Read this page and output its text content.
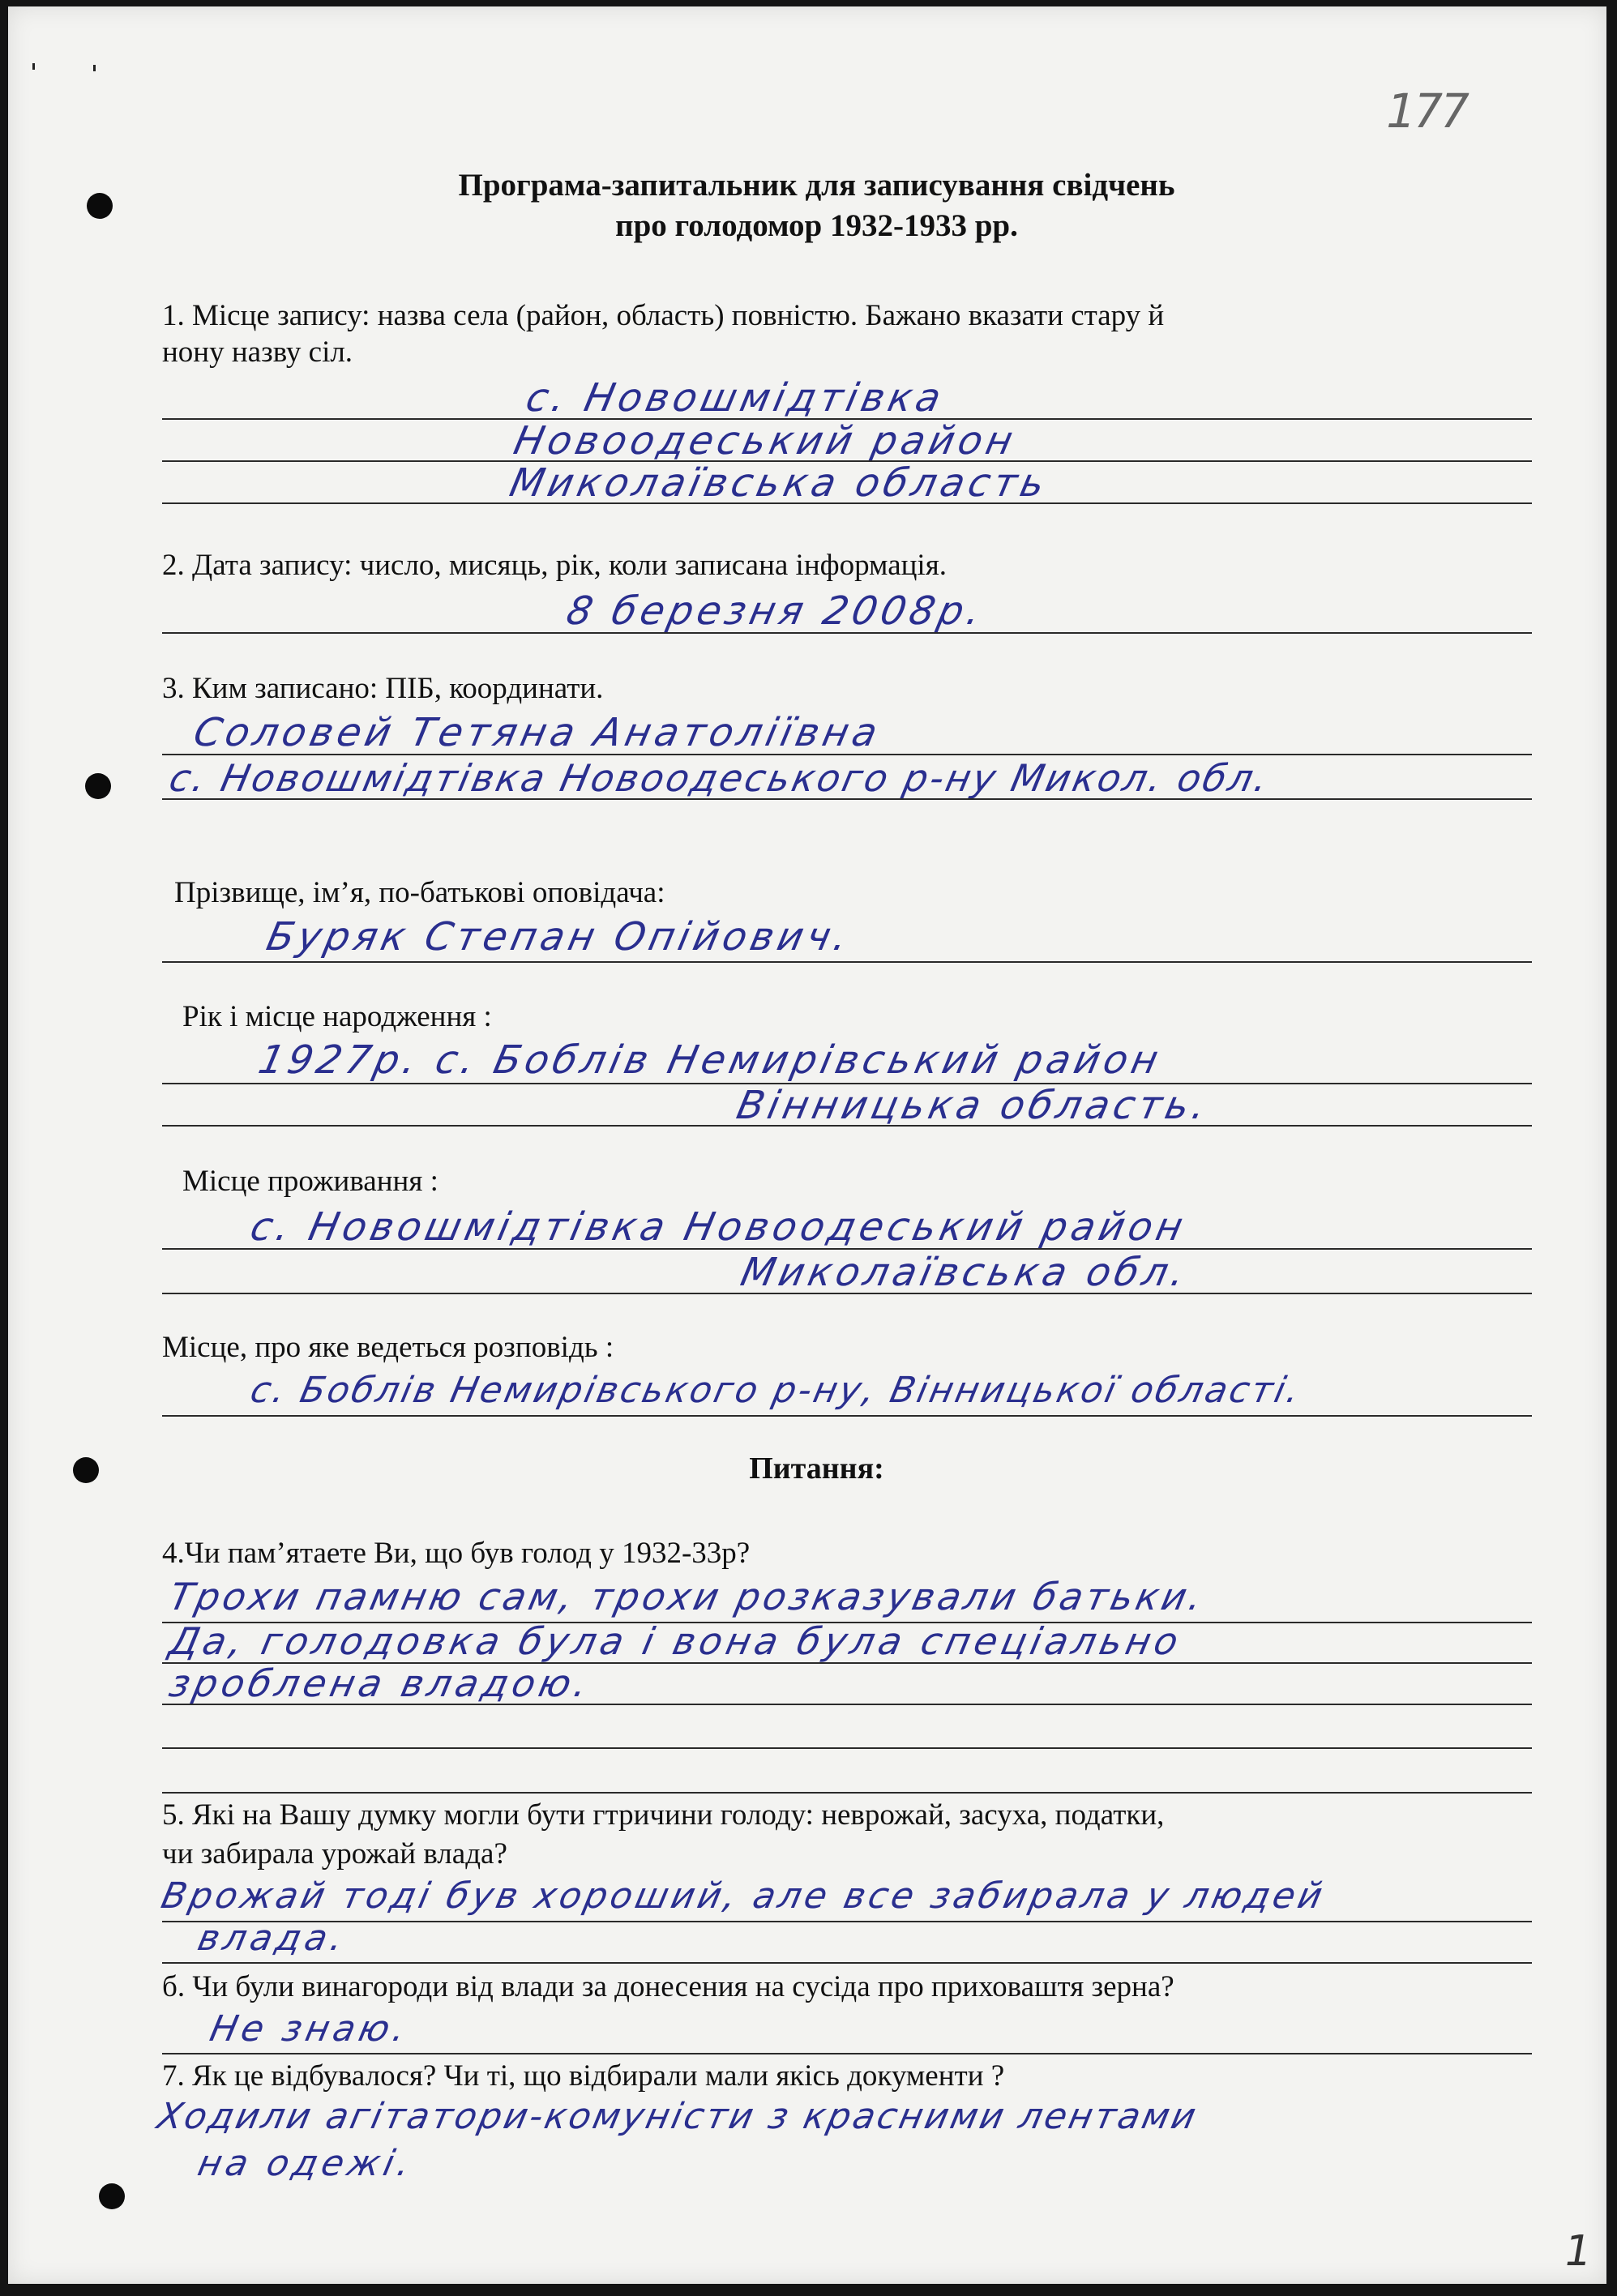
177
Програма-запитальник для записування свідчень
про голодомор 1932-1933 рр.
1. Місце запису: назва села (район, область) повністю. Бажано вказати стару й
нону назву сіл.
с. Новошмідтівка
Новоодеський район
Миколаївська область
2. Дата запису: число, мисяць, рік, коли записана інформація.
8 березня 2008р.
3. Ким записано: ПІБ, координати.
Соловей Тетяна Анатоліївна
с. Новошмідтівка Новоодеського р-ну Микол. обл.
Прізвище, ім’я, по-батькові оповідача:
Буряк Степан Опійович.
Рік і місце народження :
1927р. с. Боблів Немирівський район
Вінницька область.
Місце проживання :
с. Новошмідтівка Новоодеський район
Миколаївська обл.
Місце, про яке ведеться розповідь :
с. Боблів Немирівського р-ну, Вінницької області.
Питання:
4.Чи пам’ятаете Ви, що був голод у 1932-33р?
Трохи памню сам, трохи розказували батьки.
Да, голодовка була і вона була спеціально
зроблена владою.
5. Які на Вашу думку могли бути гтричини голоду: неврожай, засуха, податки,
чи забирала урожай влада?
Врожай тоді був хороший, але все забирала у людей
влада.
б. Чи були винагороди від влади за донесения на сусіда про приховаштя зерна?
Не знаю.
7. Як це відбувалося? Чи ті, що відбирали мали якісь документи ?
Ходили агітатори-комуністи з красними лентами
на одежі.
1
